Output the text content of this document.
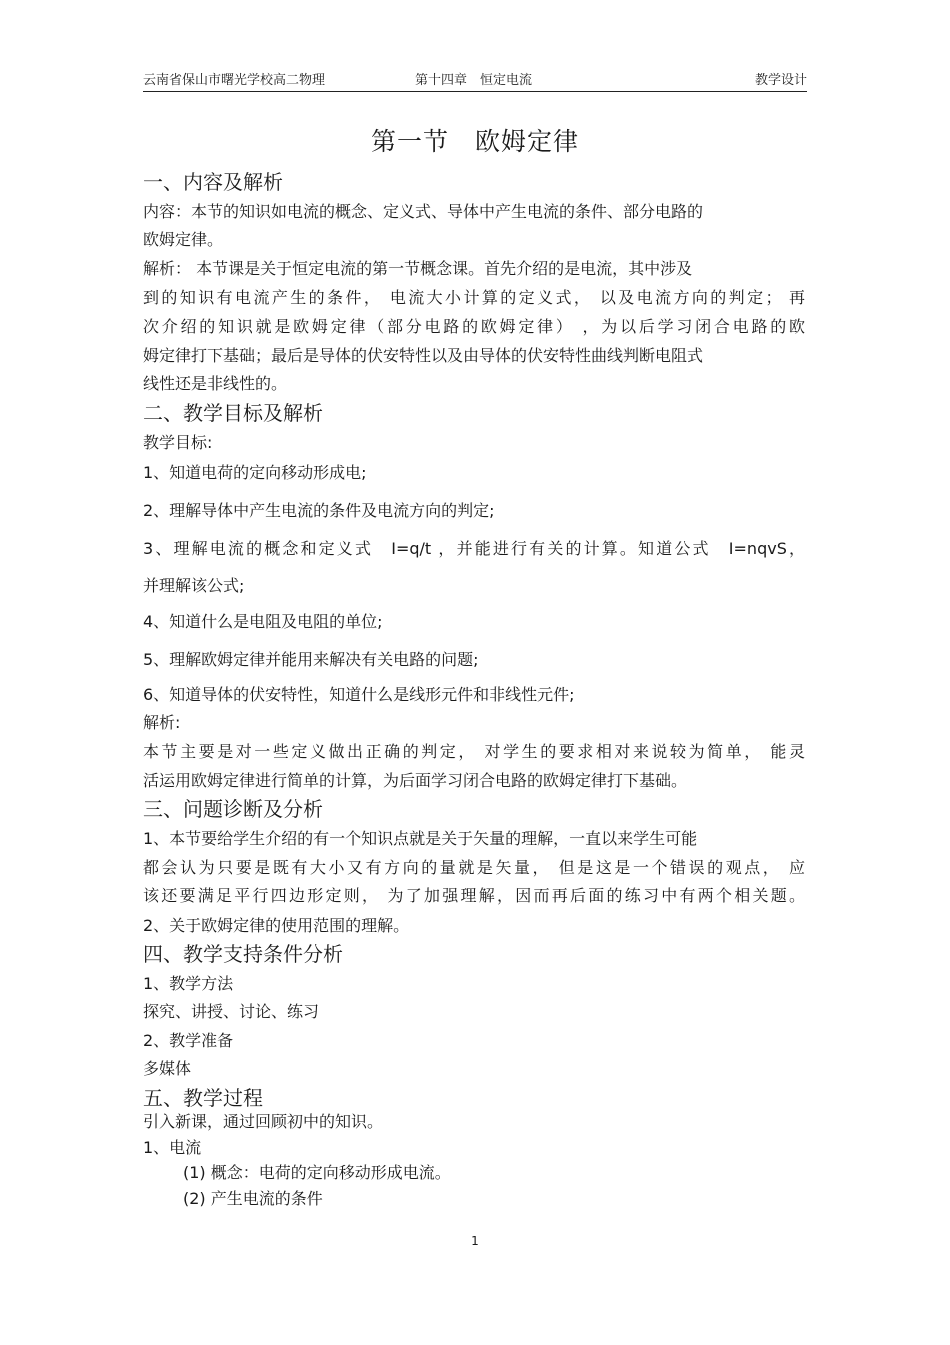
云南省保山市曙光学校高二物理	第十四章　恒定电流	教学设计
第一节　欧姆定律
一、内容及解析
内容：本节的知识如电流的概念、定义式、导体中产生电流的条件、部分电路的
欧姆定律。
解析： 本节课是关于恒定电流的第一节概念课。首先介绍的是电流，其中涉及
到的知识有电流产生的条件， 电流大小计算的定义式， 以及电流方向的判定； 再
次介绍的知识就是欧姆定律（部分电路的欧姆定律） ，为以后学习闭合电路的欧
姆定律打下基础；最后是导体的伏安特性以及由导体的伏安特性曲线判断电阻式
线性还是非线性的。
二、教学目标及解析
教学目标:
1、知道电荷的定向移动形成电;
2、理解导体中产生电流的条件及电流方向的判定;
3、理解电流的概念和定义式　I=q/t ，并能进行有关的计算。知道公式　I=nqvS，
并理解该公式;
4、知道什么是电阻及电阻的单位;
5、理解欧姆定律并能用来解决有关电路的问题;
6、知道导体的伏安特性，知道什么是线形元件和非线性元件;
解析:
本节主要是对一些定义做出正确的判定， 对学生的要求相对来说较为简单， 能灵
活运用欧姆定律进行简单的计算，为后面学习闭合电路的欧姆定律打下基础。
三、问题诊断及分析
1、本节要给学生介绍的有一个知识点就是关于矢量的理解，一直以来学生可能
都会认为只要是既有大小又有方向的量就是矢量， 但是这是一个错误的观点， 应
该还要满足平行四边形定则， 为了加强理解，因而再后面的练习中有两个相关题。
2、关于欧姆定律的使用范围的理解。
四、教学支持条件分析
1、教学方法
探究、讲授、讨论、练习
2、教学准备
多媒体
五、教学过程
引入新课，通过回顾初中的知识。
1、电流
(1) 概念：电荷的定向移动形成电流。
(2) 产生电流的条件
1
